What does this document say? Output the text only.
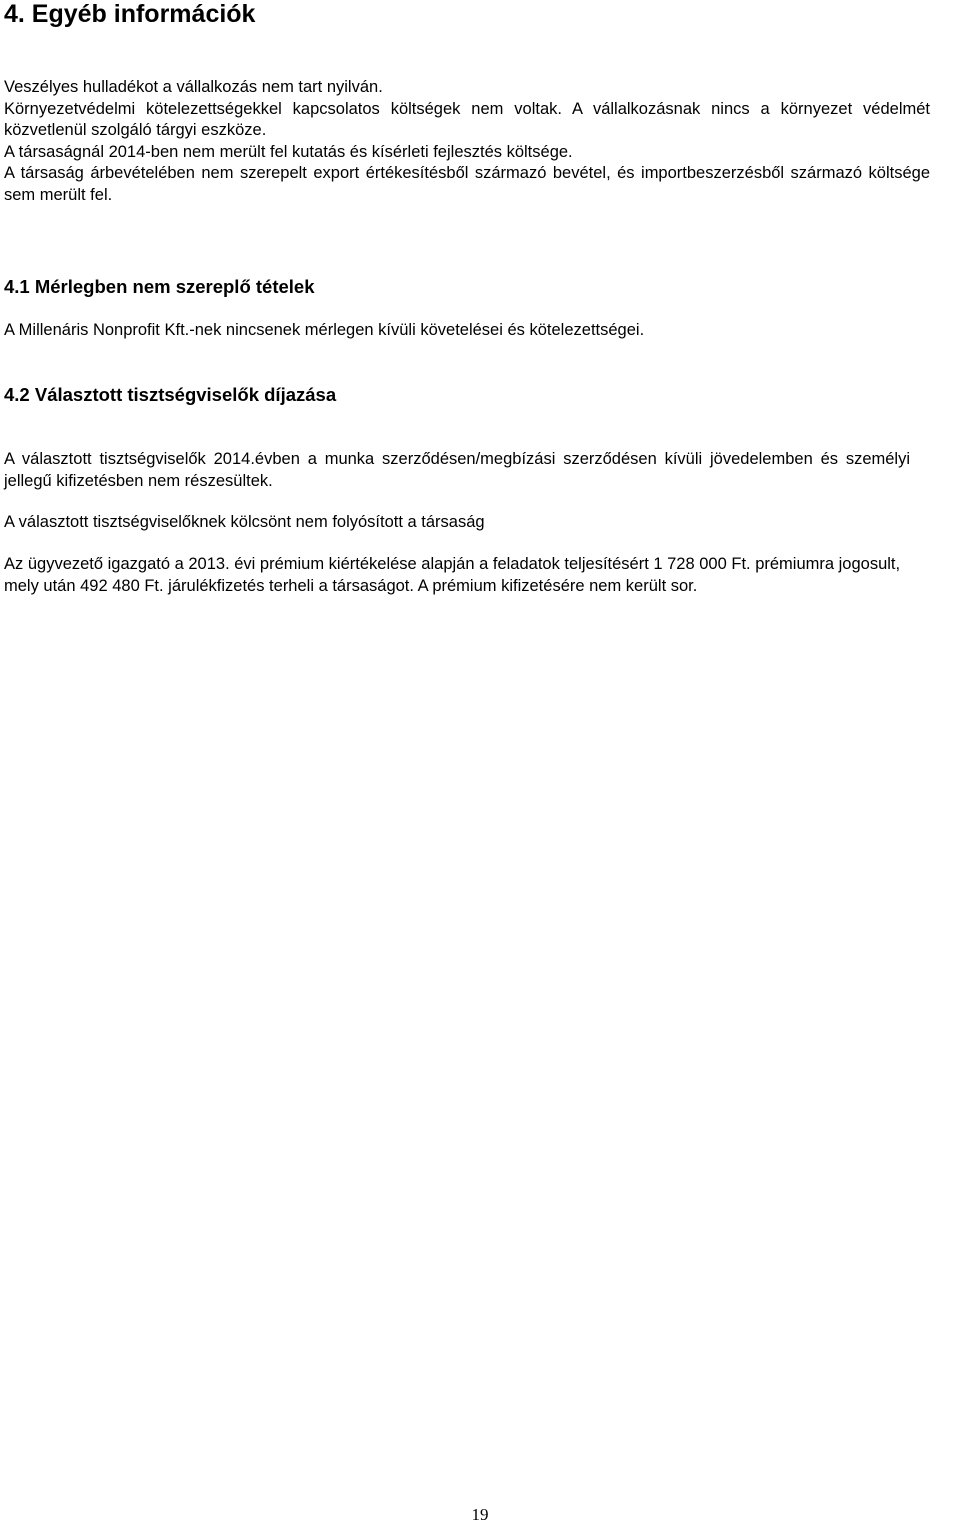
4. Egyéb információk

Veszélyes hulladékot a vállalkozás nem tart nyilván.

Környezetvédelmi kötelezettségekkel kapcsolatos költségek nem voltak. A vállalkozásnak nincs a környezet védelmét közvetlenül szolgáló tárgyi eszköze.

A társaságnál 2014-ben nem merült fel kutatás és kísérleti fejlesztés költsége.

A társaság árbevételében nem szerepelt export értékesítésből származó bevétel, és importbeszerzésből származó költsége sem merült fel.

4.1 Mérlegben nem szereplő tételek

A Millenáris Nonprofit Kft.-nek nincsenek mérlegen kívüli követelései és kötelezettségei.

4.2 Választott tisztségviselők díjazása

A választott tisztségviselők 2014.évben a munka szerződésen/megbízási szerződésen kívüli jövedelemben és személyi jellegű kifizetésben nem részesültek.

A választott tisztségviselőknek kölcsönt nem folyósított a társaság

Az ügyvezető igazgató a 2013. évi prémium kiértékelése alapján a feladatok teljesítésért 1 728 000 Ft. prémiumra jogosult, mely után 492 480 Ft. járulékfizetés terheli a társaságot. A prémium kifizetésére nem került sor.

19
